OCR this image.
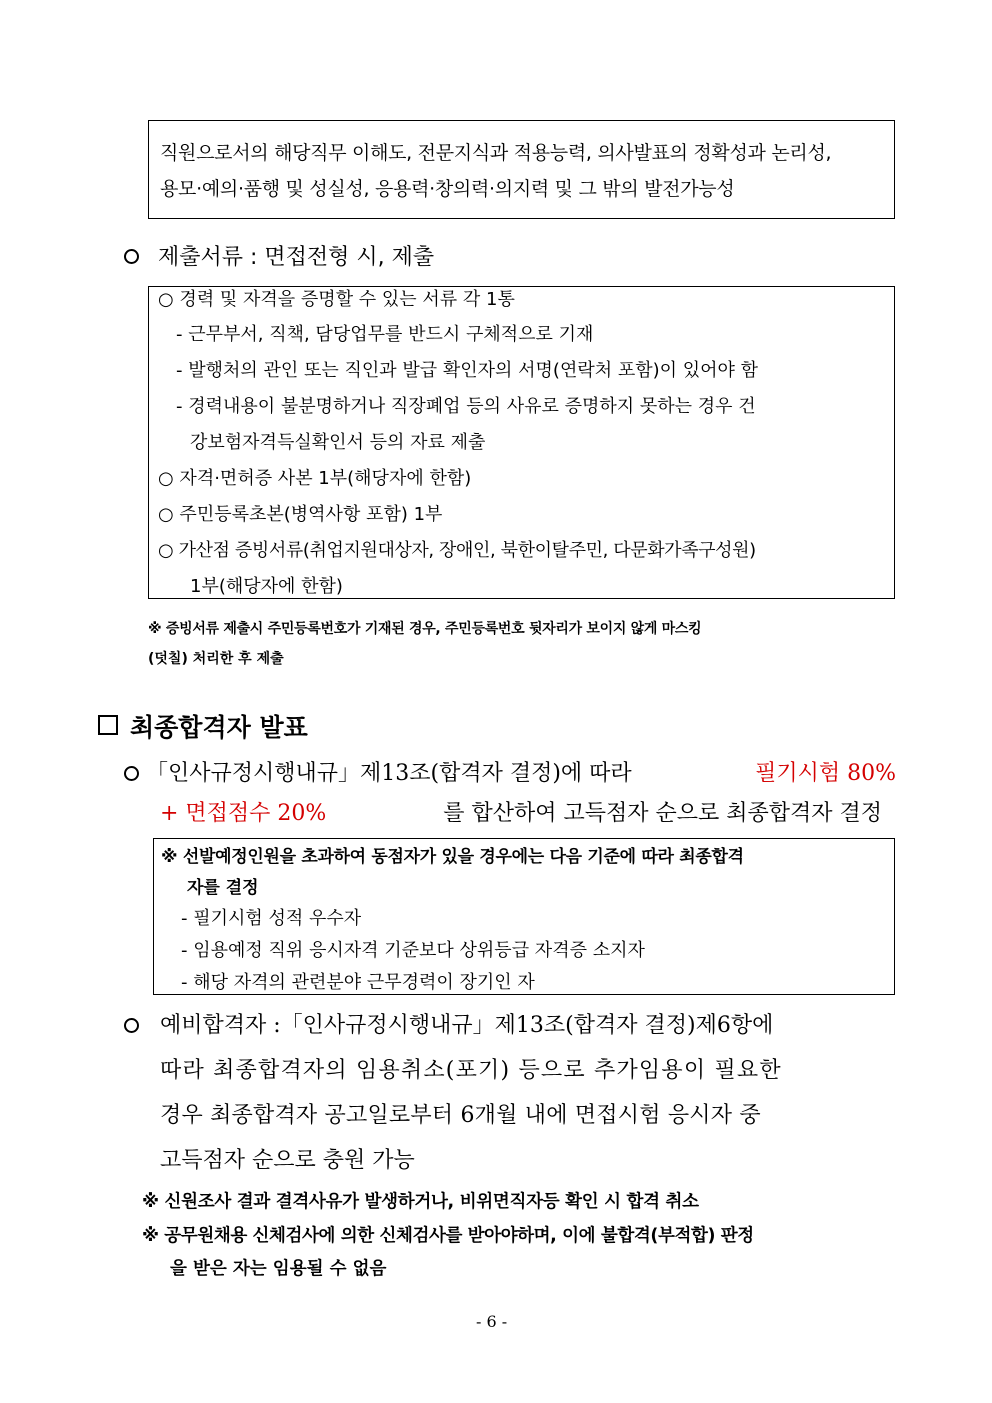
직원으로서의 해당직무 이해도, 전문지식과 적용능력, 의사발표의 정확성과 논리성,
용모·예의·품행 및 성실성, 응용력·창의력·의지력 및 그 밖의 발전가능성
제출서류 : 면접전형 시, 제출
○ 경력 및 자격을 증명할 수 있는 서류 각 1통
- 근무부서, 직책, 담당업무를 반드시 구체적으로 기재
- 발행처의 관인 또는 직인과 발급 확인자의 서명(연락처 포함)이 있어야 함
- 경력내용이 불분명하거나 직장폐업 등의 사유로 증명하지 못하는 경우 건
강보험자격득실확인서 등의 자료 제출
○ 자격·면허증 사본 1부(해당자에 한함)
○ 주민등록초본(병역사항 포함) 1부
○ 가산점 증빙서류(취업지원대상자, 장애인, 북한이탈주민, 다문화가족구성원)
1부(해당자에 한함)
※ 증빙서류 제출시 주민등록번호가 기재된 경우, 주민등록번호 뒷자리가 보이지 않게 마스킹
(덧칠) 처리한 후 제출
최종합격자 발표
「인사규정시행내규」제13조(합격자 결정)에 따라	필기시험 80%
+ 면접점수 20%	를 합산하여 고득점자 순으로 최종합격자 결정
※ 선발예정인원을 초과하여 동점자가 있을 경우에는 다음 기준에 따라 최종합격
자를 결정
- 필기시험 성적 우수자
- 임용예정 직위 응시자격 기준보다 상위등급 자격증 소지자
- 해당 자격의 관련분야 근무경력이 장기인 자
예비합격자 :「인사규정시행내규」제13조(합격자 결정)제6항에
따라 최종합격자의 임용취소(포기) 등으로 추가임용이 필요한
경우 최종합격자 공고일로부터 6개월 내에 면접시험 응시자 중
고득점자 순으로 충원 가능
※ 신원조사 결과 결격사유가 발생하거나, 비위면직자등 확인 시 합격 취소
※ 공무원채용 신체검사에 의한 신체검사를 받아야하며, 이에 불합격(부적합) 판정
을 받은 자는 임용될 수 없음
- 6 -
